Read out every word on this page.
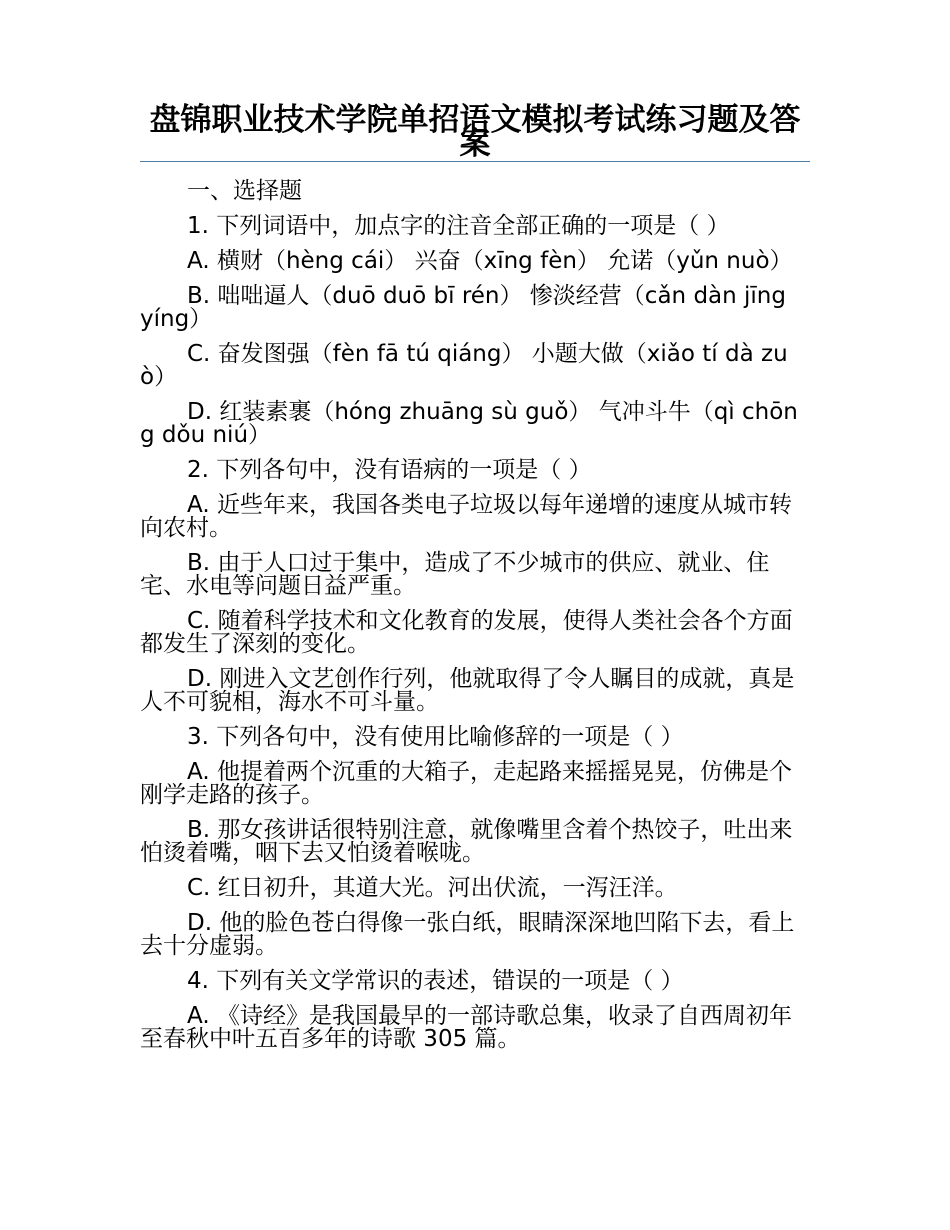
盘锦职业技术学院单招语文模拟考试练习题及答案

一、选择题

1. 下列词语中，加点字的注音全部正确的一项是（ ）

A. 横财（hèng cái） 兴奋（xīng fèn） 允诺（yǔn nuò）

B. 咄咄逼人（duō duō bī rén） 惨淡经营（cǎn dàn jīng yíng）

C. 奋发图强（fèn fā tú qiáng） 小题大做（xiǎo tí dà zuò）

D. 红装素裹（hóng zhuāng sù guǒ） 气冲斗牛（qì chōng dǒu niú）

2. 下列各句中，没有语病的一项是（ ）

A. 近些年来，我国各类电子垃圾以每年递增的速度从城市转向农村。

B. 由于人口过于集中，造成了不少城市的供应、就业、住宅、水电等问题日益严重。

C. 随着科学技术和文化教育的发展，使得人类社会各个方面都发生了深刻的变化。

D. 刚进入文艺创作行列，他就取得了令人瞩目的成就，真是人不可貌相，海水不可斗量。

3. 下列各句中，没有使用比喻修辞的一项是（ ）

A. 他提着两个沉重的大箱子，走起路来摇摇晃晃，仿佛是个刚学走路的孩子。

B. 那女孩讲话很特别注意，就像嘴里含着个热饺子，吐出来怕烫着嘴，咽下去又怕烫着喉咙。

C. 红日初升，其道大光。河出伏流，一泻汪洋。

D. 他的脸色苍白得像一张白纸，眼睛深深地凹陷下去，看上去十分虚弱。

4. 下列有关文学常识的表述，错误的一项是（ ）

A. 《诗经》是我国最早的一部诗歌总集，收录了自西周初年至春秋中叶五百多年的诗歌 305 篇。
